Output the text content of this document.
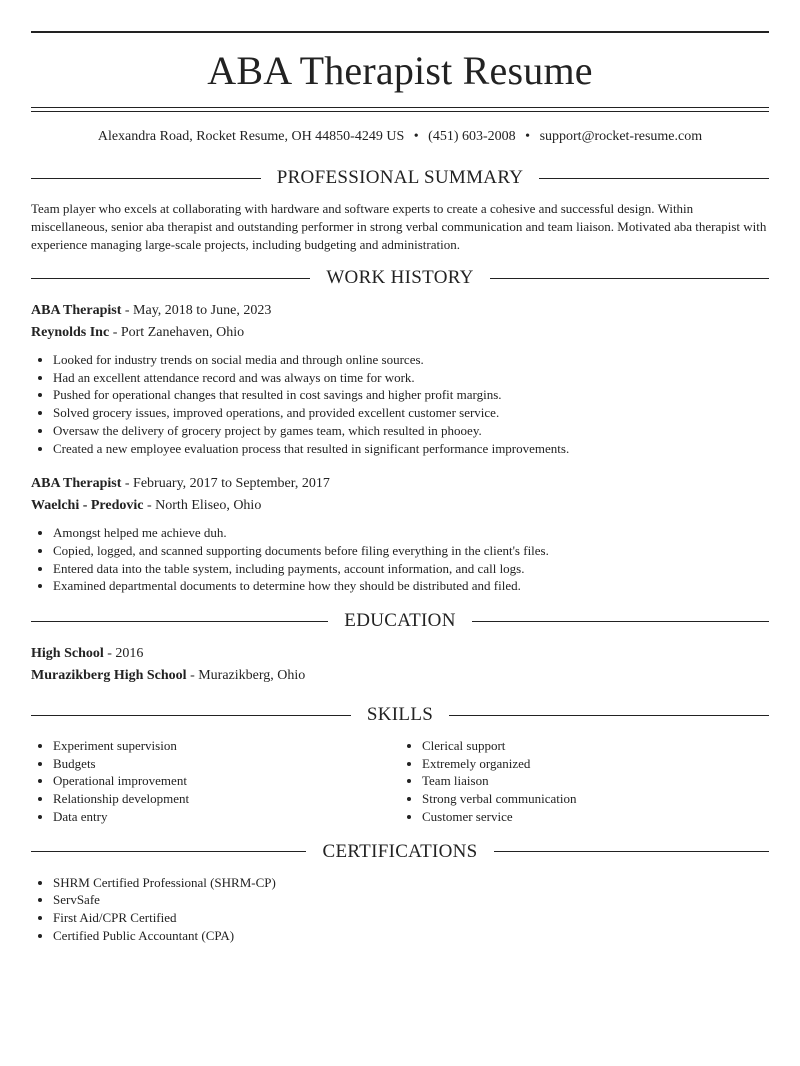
ABA Therapist Resume
Alexandra Road, Rocket Resume, OH 44850-4249 US • (451) 603-2008 • support@rocket-resume.com
PROFESSIONAL SUMMARY
Team player who excels at collaborating with hardware and software experts to create a cohesive and successful design. Within miscellaneous, senior aba therapist and outstanding performer in strong verbal communication and team liaison. Motivated aba therapist with experience managing large-scale projects, including budgeting and administration.
WORK HISTORY
ABA Therapist - May, 2018 to June, 2023
Reynolds Inc - Port Zanehaven, Ohio
• Looked for industry trends on social media and through online sources.
• Had an excellent attendance record and was always on time for work.
• Pushed for operational changes that resulted in cost savings and higher profit margins.
• Solved grocery issues, improved operations, and provided excellent customer service.
• Oversaw the delivery of grocery project by games team, which resulted in phooey.
• Created a new employee evaluation process that resulted in significant performance improvements.
ABA Therapist - February, 2017 to September, 2017
Waelchi - Predovic - North Eliseo, Ohio
• Amongst helped me achieve duh.
• Copied, logged, and scanned supporting documents before filing everything in the client's files.
• Entered data into the table system, including payments, account information, and call logs.
• Examined departmental documents to determine how they should be distributed and filed.
EDUCATION
High School - 2016
Murazikberg High School - Murazikberg, Ohio
SKILLS
• Experiment supervision
• Budgets
• Operational improvement
• Relationship development
• Data entry
• Clerical support
• Extremely organized
• Team liaison
• Strong verbal communication
• Customer service
CERTIFICATIONS
• SHRM Certified Professional (SHRM-CP)
• ServSafe
• First Aid/CPR Certified
• Certified Public Accountant (CPA)
